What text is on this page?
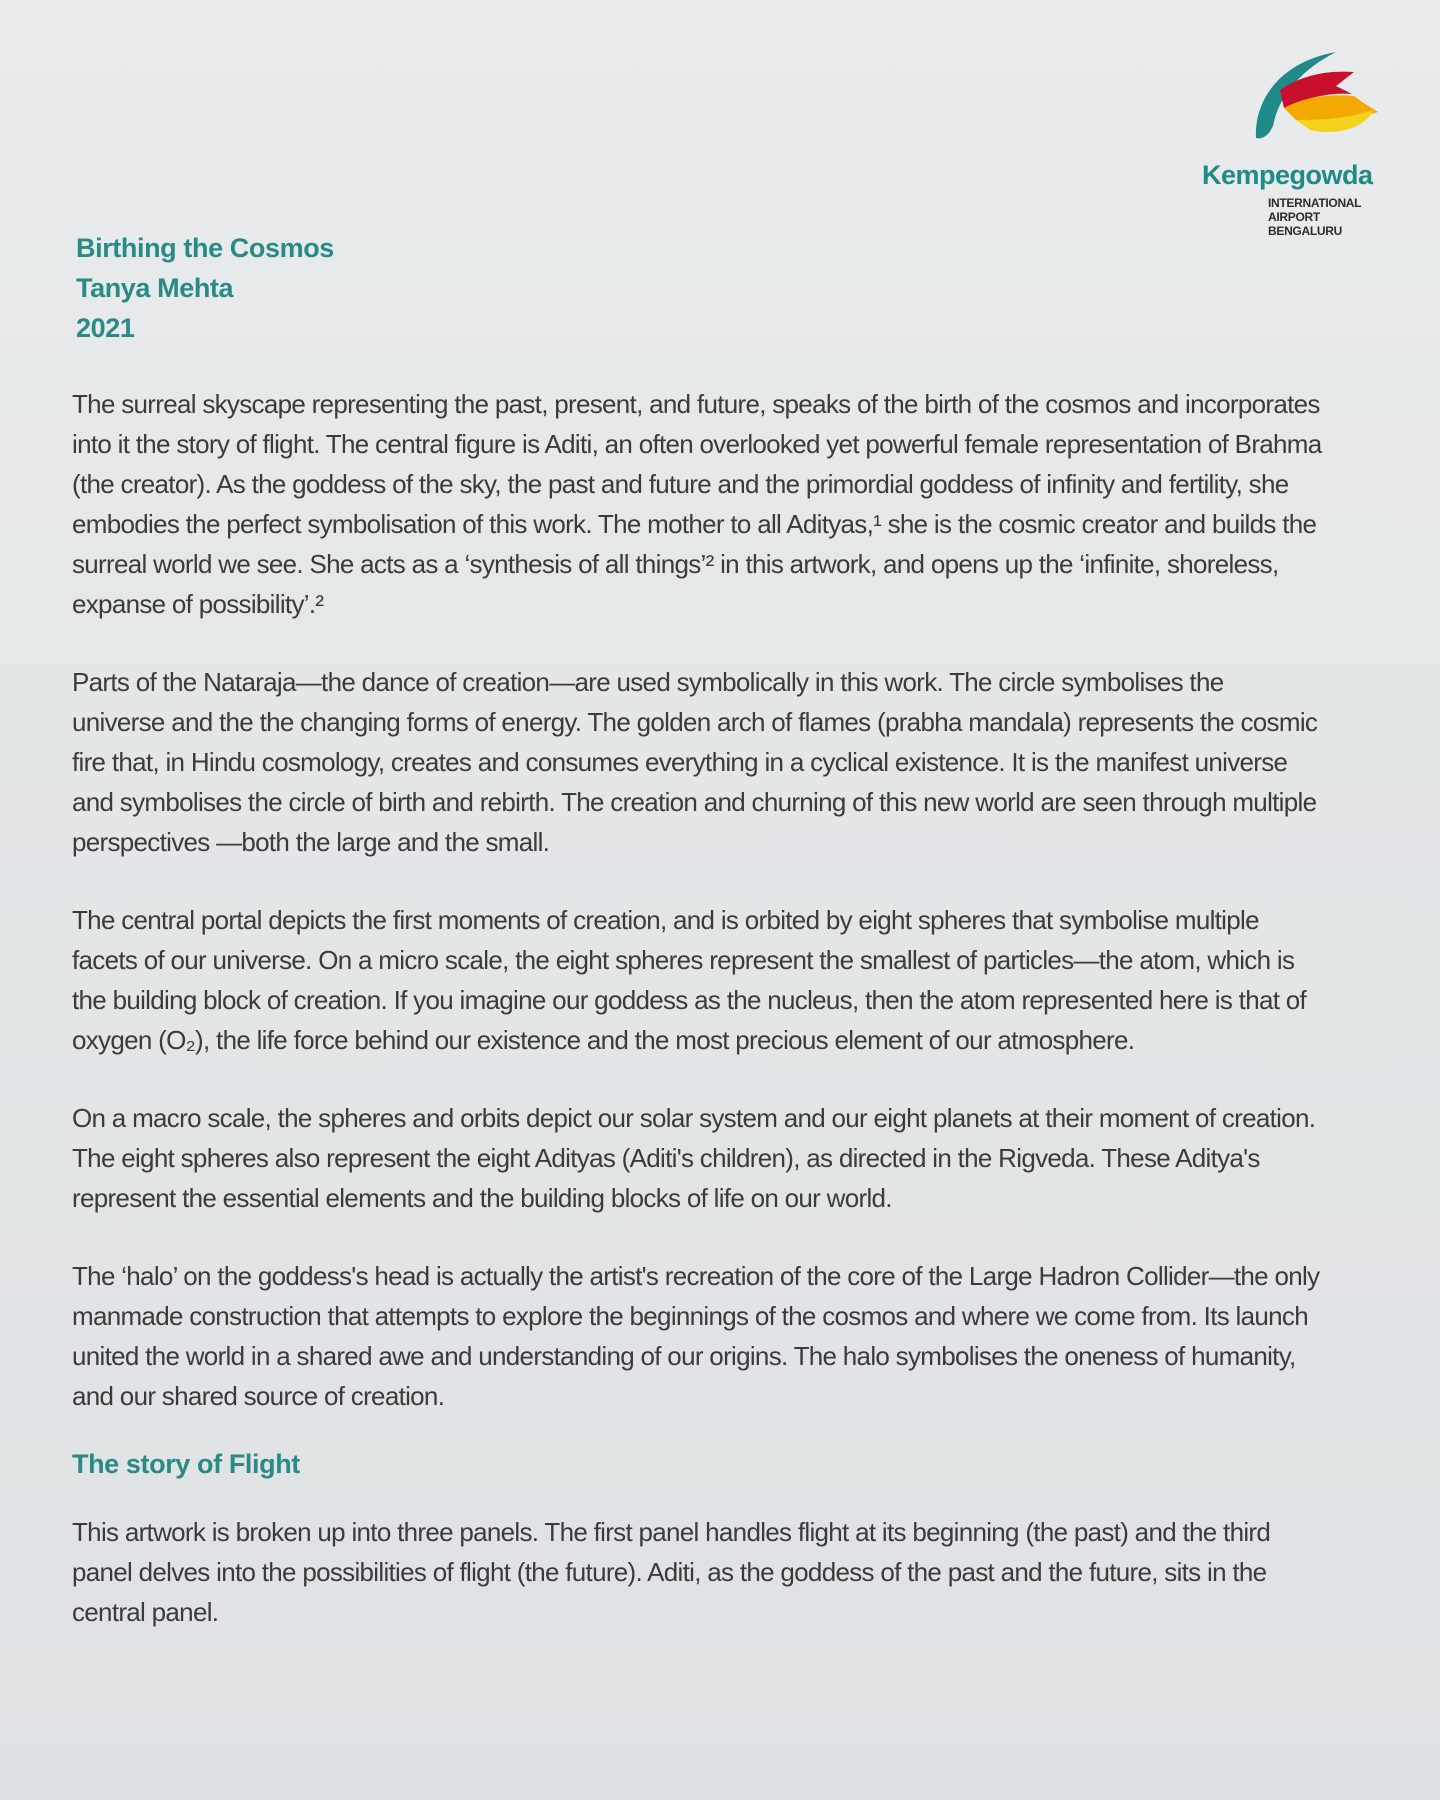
Kempegowda
INTERNATIONAL
AIRPORT
BENGALURU
Birthing the Cosmos
Tanya Mehta
2021

The surreal skyscape representing the past, present, and future, speaks of the birth of the cosmos and incorporates into it the story of flight. The central figure is Aditi, an often overlooked yet powerful female representation of Brahma (the creator). As the goddess of the sky, the past and future and the primordial goddess of infinity and fertility, she embodies the perfect symbolisation of this work. The mother to all Adityas,¹ she is the cosmic creator and builds the surreal world we see. She acts as a ‘synthesis of all things’² in this artwork, and opens up the ‘infinite, shoreless, expanse of possibility’.²

Parts of the Nataraja—the dance of creation—are used symbolically in this work. The circle symbolises the universe and the the changing forms of energy. The golden arch of flames (prabha mandala) represents the cosmic fire that, in Hindu cosmology, creates and consumes everything in a cyclical existence. It is the manifest universe and symbolises the circle of birth and rebirth. The creation and churning of this new world are seen through multiple perspectives —both the large and the small.

The central portal depicts the first moments of creation, and is orbited by eight spheres that symbolise multiple facets of our universe. On a micro scale, the eight spheres represent the smallest of particles—the atom, which is the building block of creation. If you imagine our goddess as the nucleus, then the atom represented here is that of oxygen (O₂), the life force behind our existence and the most precious element of our atmosphere.

On a macro scale, the spheres and orbits depict our solar system and our eight planets at their moment of creation. The eight spheres also represent the eight Adityas (Aditi's children), as directed in the Rigveda. These Aditya's represent the essential elements and the building blocks of life on our world.

The ‘halo’ on the goddess's head is actually the artist's recreation of the core of the Large Hadron Collider—the only manmade construction that attempts to explore the beginnings of the cosmos and where we come from. Its launch united the world in a shared awe and understanding of our origins. The halo symbolises the oneness of humanity, and our shared source of creation.

The story of Flight

This artwork is broken up into three panels. The first panel handles flight at its beginning (the past) and the third panel delves into the possibilities of flight (the future). Aditi, as the goddess of the past and the future, sits in the central panel.
